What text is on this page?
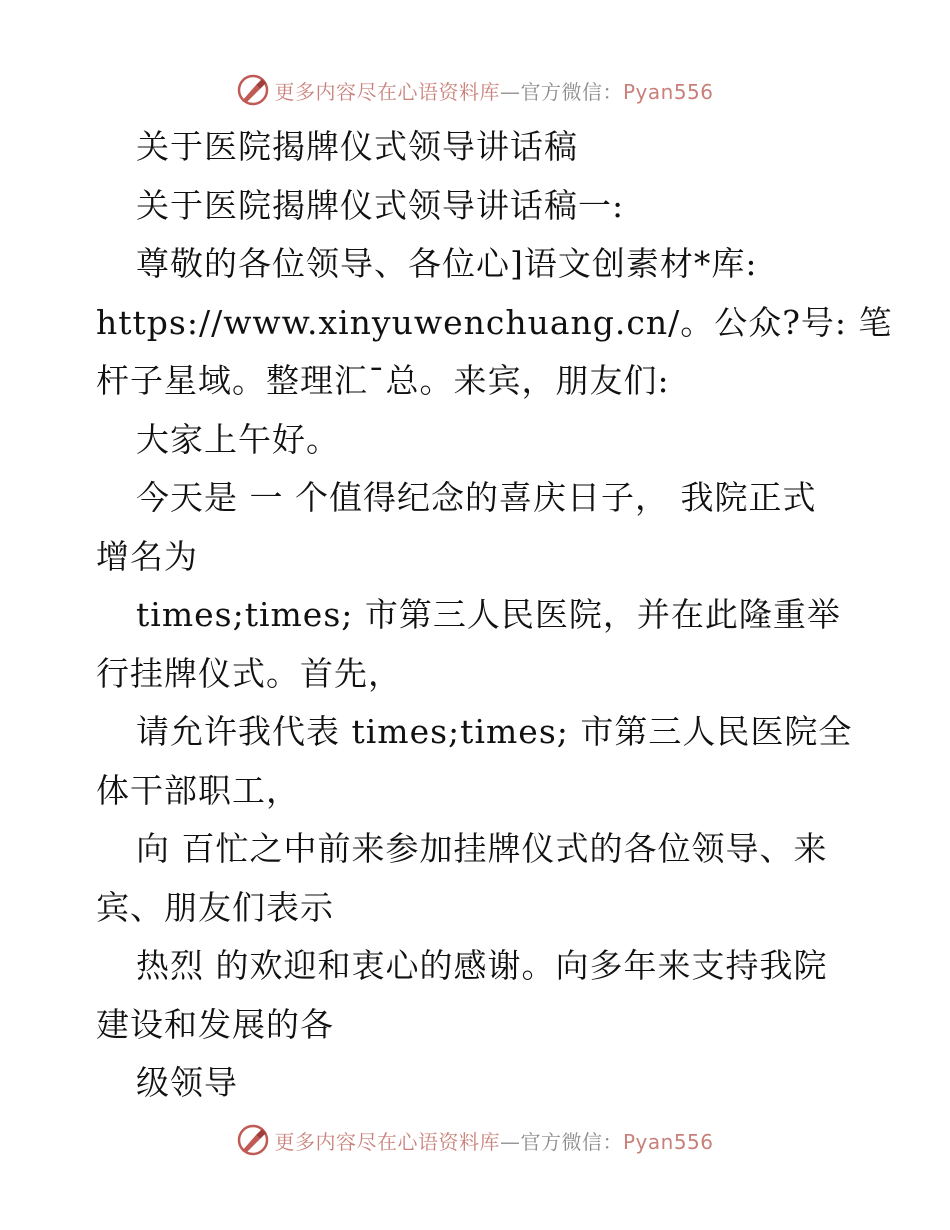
更多内容尽在心语资料库—官方微信：Pyan556
关于医院揭牌仪式领导讲话稿
关于医院揭牌仪式领导讲话稿一:
尊敬的各位领导、各位心]语文创素材*库:
https://www.xinyuwenchuang.cn/。公众?号: 笔
杆子星域。整理汇¯总。来宾，朋友们:
大家上午好。
今天是 一 个值得纪念的喜庆日子， 我院正式
增名为
times;times; 市第三人民医院，并在此隆重举
行挂牌仪式。首先，
请允许我代表 times;times; 市第三人民医院全
体干部职工，
向 百忙之中前来参加挂牌仪式的各位领导、来
宾、朋友们表示
热烈 的欢迎和衷心的感谢。向多年来支持我院
建设和发展的各
级领导
更多内容尽在心语资料库—官方微信：Pyan556
